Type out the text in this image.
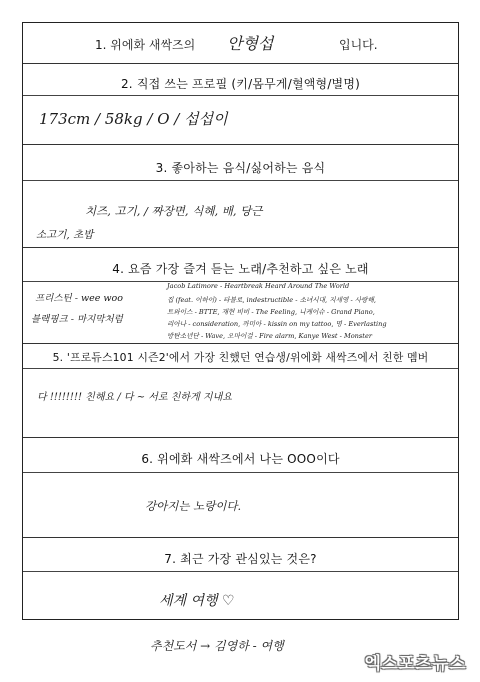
1. 위에화 새싹즈의 안형섭	입니다.
2. 직접 쓰는 프로필 (키/몸무게/혈액형/별명)
173cm / 58kg / O / 섭섭이
3. 좋아하는 음식/싫어하는 음식
치즈, 고기, / 짜장면, 식혜, 배, 당근
소고기, 초밥
4. 요즘 가장 즐겨 듣는 노래/추천하고 싶은 노래
프리스틴 - wee woo
블랙핑크 - 마지막처럼
Jacob Latimore - Heartbreak Heard Around The World
집 (feat. 이하이) - 타블로, indestructible - 소녀시대, 지세영 - 사랑해,
트와이스 - BTTE, 재현 비비 - The Feeling, 니케이슈 - Grand Piano,
리아나 - consideration, 까미아 - kissin on my tattoo, 명 - Everlasting
방탄소년단 - Wave, 오마이걸 - Fire alarm, Kanye West - Monster
5. '프로듀스101 시즌2'에서 가장 친했던 연습생/위에화 새싹즈에서 친한 멤버
다 !!!!!!!! 친해요 / 다 ~ 서로 친하게 지내요
6. 위에화 새싹즈에서 나는 OOO이다
강아지는 노랑이다.
7. 최근 가장 관심있는 것은?
세계 여행 ♡
추천도서 → 김영하 - 여행
엑스포츠뉴스
